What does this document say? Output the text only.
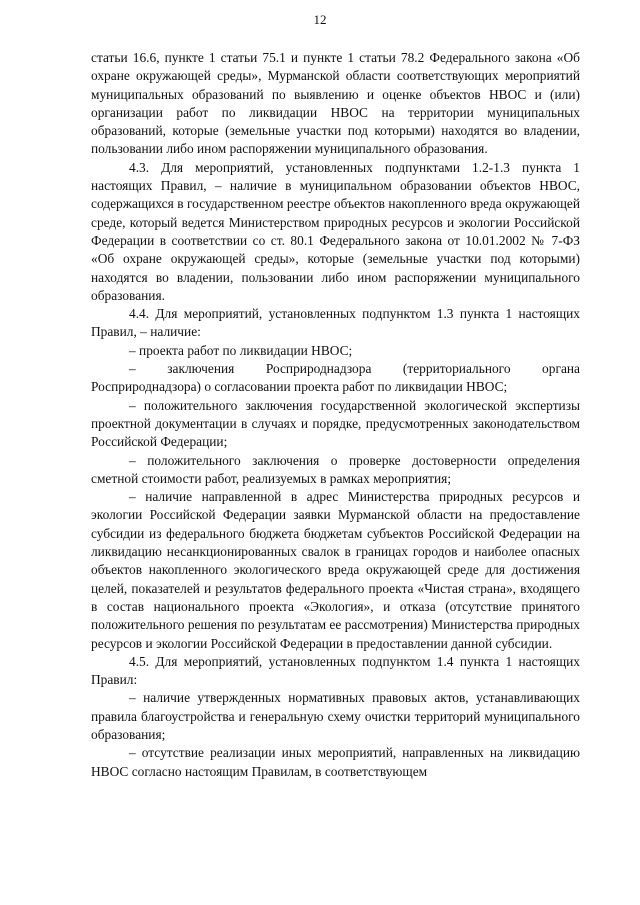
12

статьи 16.6, пункте 1 статьи 75.1 и пункте 1 статьи 78.2 Федерального закона «Об охране окружающей среды», Мурманской области соответствующих мероприятий муниципальных образований по выявлению и оценке объектов НВОС и (или) организации работ по ликвидации НВОС на территории муниципальных образований, которые (земельные участки под которыми) находятся во владении, пользовании либо ином распоряжении муниципального образования.

4.3. Для мероприятий, установленных подпунктами 1.2-1.3 пункта 1 настоящих Правил, – наличие в муниципальном образовании объектов НВОС, содержащихся в государственном реестре объектов накопленного вреда окружающей среде, который ведется Министерством природных ресурсов и экологии Российской Федерации в соответствии со ст. 80.1 Федерального закона от 10.01.2002 № 7-ФЗ «Об охране окружающей среды», которые (земельные участки под которыми) находятся во владении, пользовании либо ином распоряжении муниципального образования.

4.4. Для мероприятий, установленных подпунктом 1.3 пункта 1 настоящих Правил, – наличие:

– проекта работ по ликвидации НВОС;

– заключения Росприроднадзора (территориального органа Росприроднадзора) о согласовании проекта работ по ликвидации НВОС;

– положительного заключения государственной экологической экспертизы проектной документации в случаях и порядке, предусмотренных законодательством Российской Федерации;

– положительного заключения о проверке достоверности определения сметной стоимости работ, реализуемых в рамках мероприятия;

– наличие направленной в адрес Министерства природных ресурсов и экологии Российской Федерации заявки Мурманской области на предоставление субсидии из федерального бюджета бюджетам субъектов Российской Федерации на ликвидацию несанкционированных свалок в границах городов и наиболее опасных объектов накопленного экологического вреда окружающей среде для достижения целей, показателей и результатов федерального проекта «Чистая страна», входящего в состав национального проекта «Экология», и отказа (отсутствие принятого положительного решения по результатам ее рассмотрения) Министерства природных ресурсов и экологии Российской Федерации в предоставлении данной субсидии.

4.5. Для мероприятий, установленных подпунктом 1.4 пункта 1 настоящих Правил:

– наличие утвержденных нормативных правовых актов, устанавливающих правила благоустройства и генеральную схему очистки территорий муниципального образования;

– отсутствие реализации иных мероприятий, направленных на ликвидацию НВОС согласно настоящим Правилам, в соответствующем
